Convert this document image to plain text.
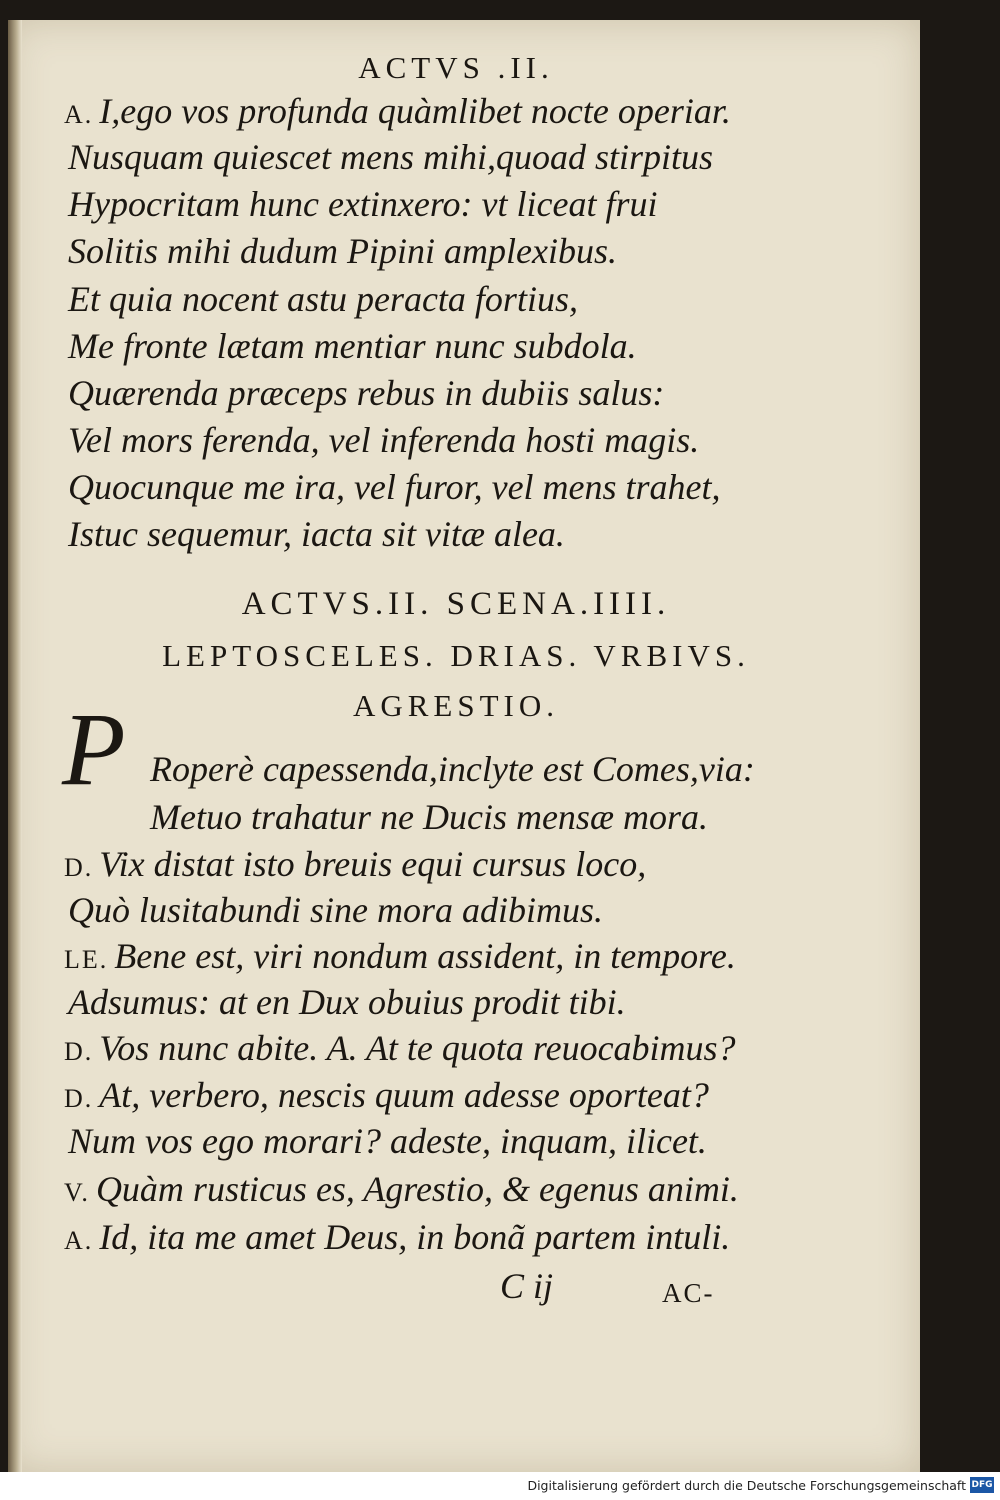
ACTVS .II.
A. I,ego vos profunda quàmlibet nocte operiar.
Nusquam quiescet mens mihi,quoad stirpitus
Hypocritam hunc extinxero: vt liceat frui
Solitis mihi dudum Pipini amplexibus.
Et quia nocent astu peracta fortius,
Me fronte lætam mentiar nunc subdola.
Quærenda præceps rebus in dubiis salus:
Vel mors ferenda, vel inferenda hosti magis.
Quocunque me ira, vel furor, vel mens trahet,
Istuc sequemur, iacta sit vitæ alea.
ACTVS.II. SCENA.IIII.
LEPTOSCELES. DRIAS. VRBIVS.
AGRESTIO.
P Roperè capessenda,inclyte est Comes,via:
Metuo trahatur ne Ducis mensæ mora.
D. Vix distat isto breuis equi cursus loco,
Quò lusitabundi sine mora adibimus.
LE. Bene est, viri nondum assident, in tempore.
Adsumus: at en Dux obuius prodit tibi.
D. Vos nunc abite. A. At te quota reuocabimus?
D. At, verbero, nescis quum adesse oporteat?
Num vos ego morari? adeste, inquam, ilicet.
V. Quàm rusticus es, Agrestio, & egenus animi.
A. Id, ita me amet Deus, in bonã partem intuli.
C ij	AC-
Digitalisierung gefördert durch die Deutsche Forschungsgemeinschaft DFG
